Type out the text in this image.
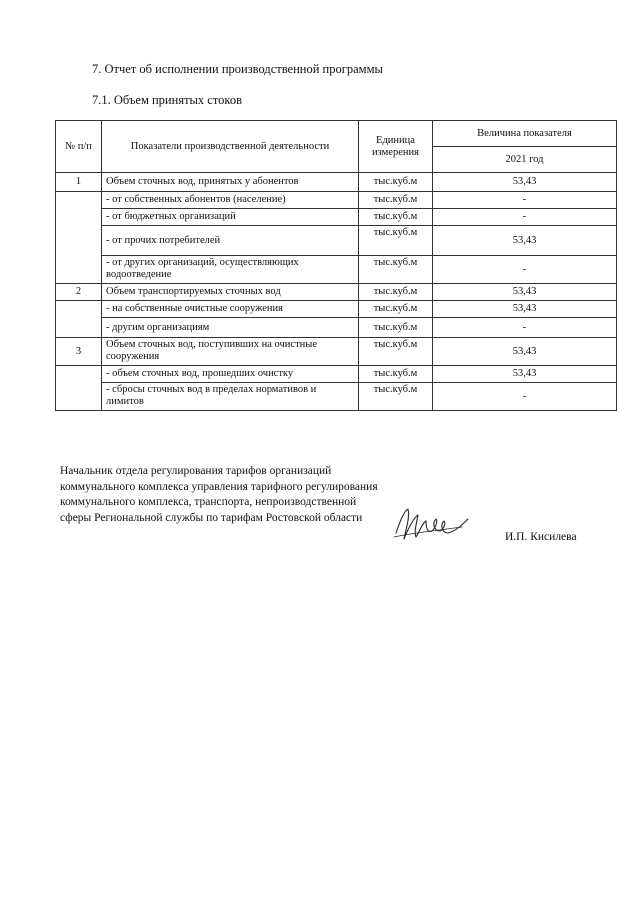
7. Отчет об исполнении производственной программы
7.1. Объем принятых стоков
№ п/п	Показатели производственной деятельности	Единица измерения	Величина показателя
			2021 год
1	Объем сточных вод, принятых у абонентов	тыс.куб.м	53,43
	- от собственных абонентов (население)	тыс.куб.м	-
	- от бюджетных организаций	тыс.куб.м	-
	- от прочих потребителей	тыс.куб.м	53,43
	- от других организаций, осуществляющих водоотведение	тыс.куб.м	-
2	Объем транспортируемых сточных вод	тыс.куб.м	53,43
	- на собственные очистные сооружения	тыс.куб.м	53,43
	- другим организациям	тыс.куб.м	-
3	Объем сточных вод, поступивших на очистные сооружения	тыс.куб.м	53,43
	- объем сточных вод, прошедших очистку	тыс.куб.м	53,43
	- сбросы сточных вод в пределах нормативов и лимитов	тыс.куб.м	-
Начальник отдела регулирования тарифов организаций коммунального комплекса управления тарифного регулирования коммунального комплекса, транспорта, непроизводственной сферы Региональной службы по тарифам Ростовской области
И.П. Кисилева
